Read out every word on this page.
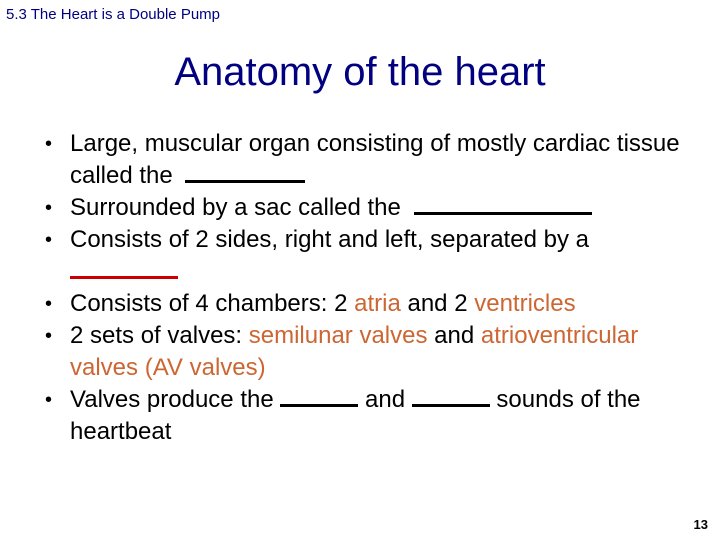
5.3 The Heart is a Double Pump
Anatomy of the heart
• Large, muscular organ consisting of mostly cardiac tissue called the
• Surrounded by a sac called the
• Consists of 2 sides, right and left, separated by a

• Consists of 4 chambers: 2 atria and 2 ventricles
• 2 sets of valves: semilunar valves and atrioventricular valves (AV valves)
• Valves produce the	and	sounds of the heartbeat
13
